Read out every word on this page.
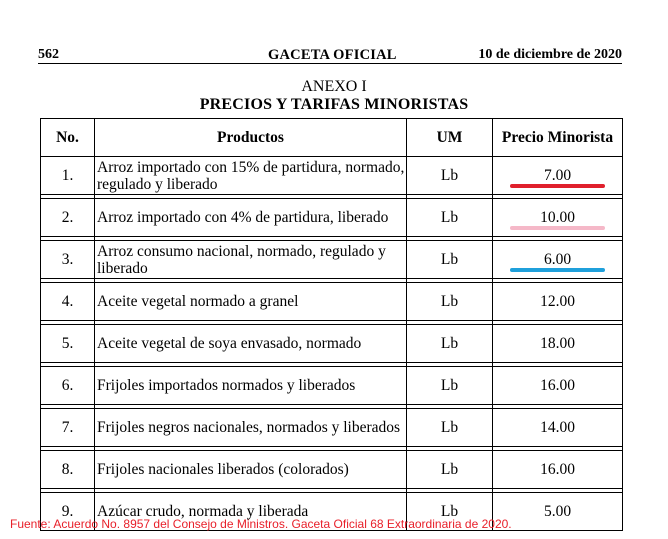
562	GACETA OFICIAL	10 de diciembre de 2020
ANEXO I
PRECIOS Y TARIFAS MINORISTAS
No.	Productos	UM	Precio Minorista
1.	Arroz importado con 15% de partidura, normado, regulado y liberado	Lb	7.00

2.	Arroz importado con 4% de partidura, liberado	Lb	10.00

3.	Arroz consumo nacional, normado, regulado y liberado	Lb	6.00

4.	Aceite vegetal normado a granel	Lb	12.00

5.	Aceite vegetal de soya envasado, normado	Lb	18.00

6.	Frijoles importados normados y liberados	Lb	16.00

7.	Frijoles negros nacionales, normados y liberados	Lb	14.00

8.	Frijoles nacionales liberados (colorados)	Lb	16.00

9.	Azúcar crudo, normada y liberada	Lb	5.00
Fuente: Acuerdo No. 8957 del Consejo de Ministros. Gaceta Oficial 68 Extraordinaria de 2020.
